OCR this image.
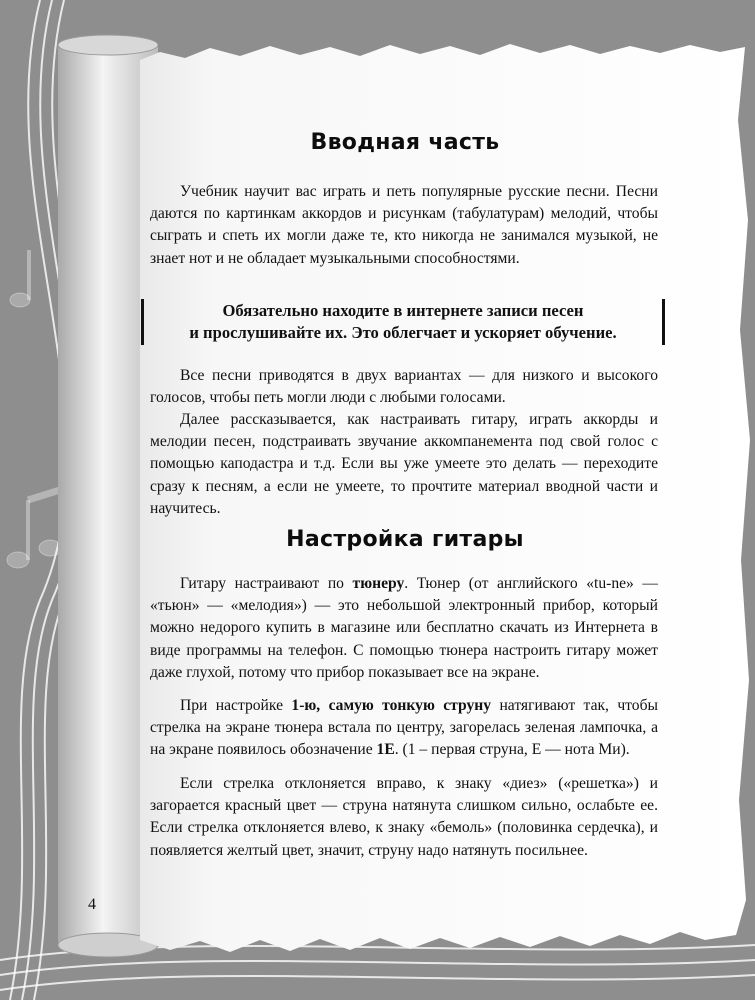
Вводная часть

Учебник научит вас играть и петь популярные русские песни. Песни даются по картинкам аккордов и рисункам (табулатурам) мелодий, чтобы сыграть и спеть их могли даже те, кто никогда не занимался музыкой, не знает нот и не обладает музыкальными способностями.

Обязательно находите в интернете записи песен
и прослушивайте их. Это облегчает и ускоряет обучение.

Все песни приводятся в двух вариантах — для низкого и высокого голосов, чтобы петь могли люди с любыми голосами.

Далее рассказывается, как настраивать гитару, играть аккорды и мелодии песен, подстраивать звучание аккомпанемента под свой голос с помощью каподастра и т.д. Если вы уже умеете это делать — переходите сразу к песням, а если не умеете, то прочтите материал вводной части и научитесь.

Настройка гитары

Гитару настраивают по тюнеру. Тюнер (от английского «tu-ne» — «тьюн» — «мелодия») — это небольшой электронный прибор, который можно недорого купить в магазине или бесплатно скачать из Интернета в виде программы на телефон. С помощью тюнера настроить гитару может даже глухой, потому что прибор показывает все на экране.

При настройке 1-ю, самую тонкую струну натягивают так, чтобы стрелка на экране тюнера встала по центру, загорелась зеленая лампочка, а на экране появилось обозначение 1Е. (1 – первая струна, Е — нота Ми).

Если стрелка отклоняется вправо, к знаку «диез» («решетка») и загорается красный цвет — струна натянута слишком сильно, ослабьте ее. Если стрелка отклоняется влево, к знаку «бемоль» (половинка сердечка), и появляется желтый цвет, значит, струну надо натянуть посильнее.

4
